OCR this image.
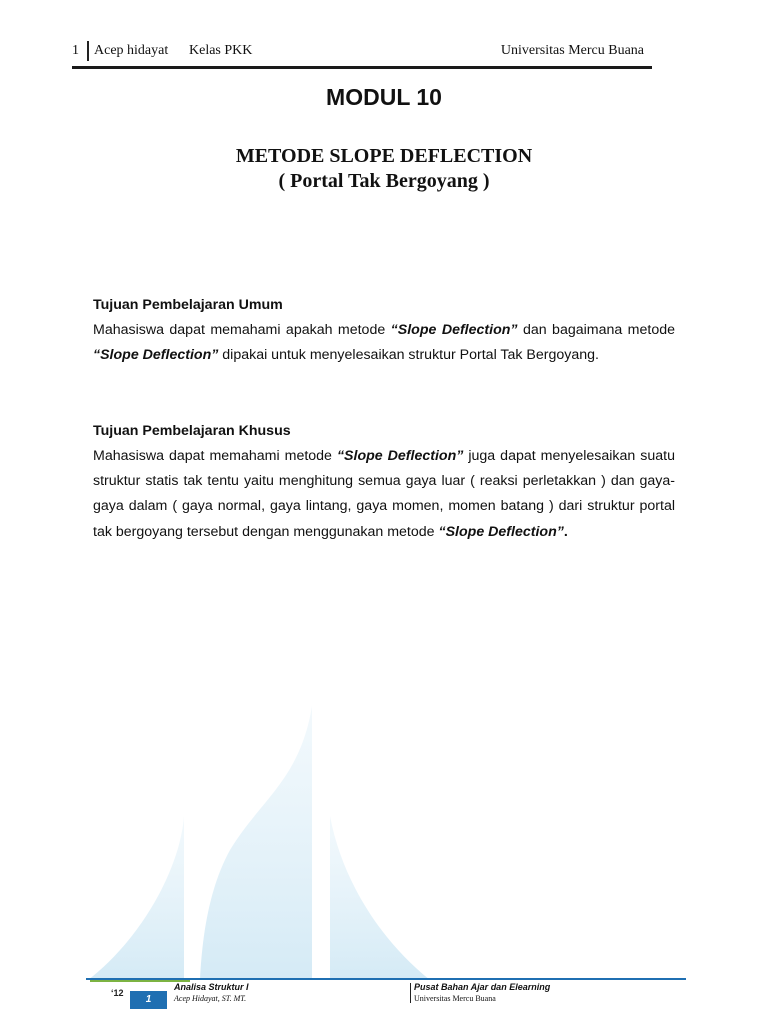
1 Acep hidayat Kelas PKK	Universitas Mercu Buana
MODUL 10
METODE SLOPE DEFLECTION
( Portal Tak Bergoyang )

Tujuan Pembelajaran Umum

Mahasiswa dapat memahami apakah metode “Slope Deflection” dan bagaimana metode “Slope Deflection” dipakai untuk menyelesaikan struktur Portal Tak Bergoyang.

Tujuan Pembelajaran Khusus

Mahasiswa dapat memahami metode “Slope Deflection” juga dapat menyelesaikan suatu struktur statis tak tentu yaitu menghitung semua gaya luar ( reaksi perletakkan ) dan gaya-gaya dalam ( gaya normal, gaya lintang, gaya momen, momen batang ) dari struktur portal tak bergoyang tersebut dengan menggunakan metode “Slope Deflection”.

‘12
1
Analisa Struktur I
Acep Hidayat, ST. MT.
Pusat Bahan Ajar dan Elearning
Universitas Mercu Buana
